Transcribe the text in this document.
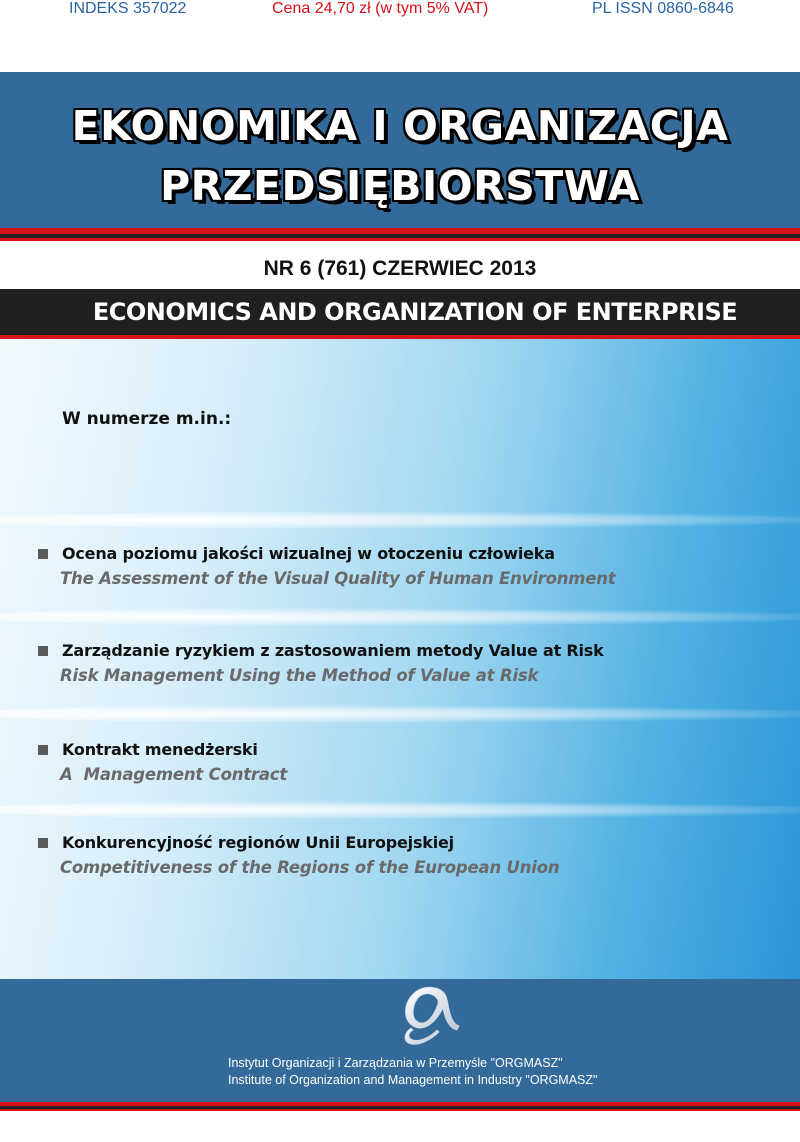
INDEKS 357022	Cena 24,70 zł (w tym 5% VAT)	PL ISSN 0860-6846
EKONOMIKA I ORGANIZACJA
PRZEDSIĘBIORSTWA
NR 6 (761) CZERWIEC 2013
ECONOMICS AND ORGANIZATION OF ENTERPRISE
W numerze m.in.:
Ocena poziomu jakości wizualnej w otoczeniu człowieka
The Assessment of the Visual Quality of Human Environment
Zarządzanie ryzykiem z zastosowaniem metody Value at Risk
Risk Management Using the Method of Value at Risk
Kontrakt menedżerski
A  Management Contract
Konkurencyjność regionów Unii Europejskiej
Competitiveness of the Regions of the European Union
Instytut Organizacji i Zarządzania w Przemyśle "ORGMASZ"
Institute of Organization and Management in Industry "ORGMASZ"
